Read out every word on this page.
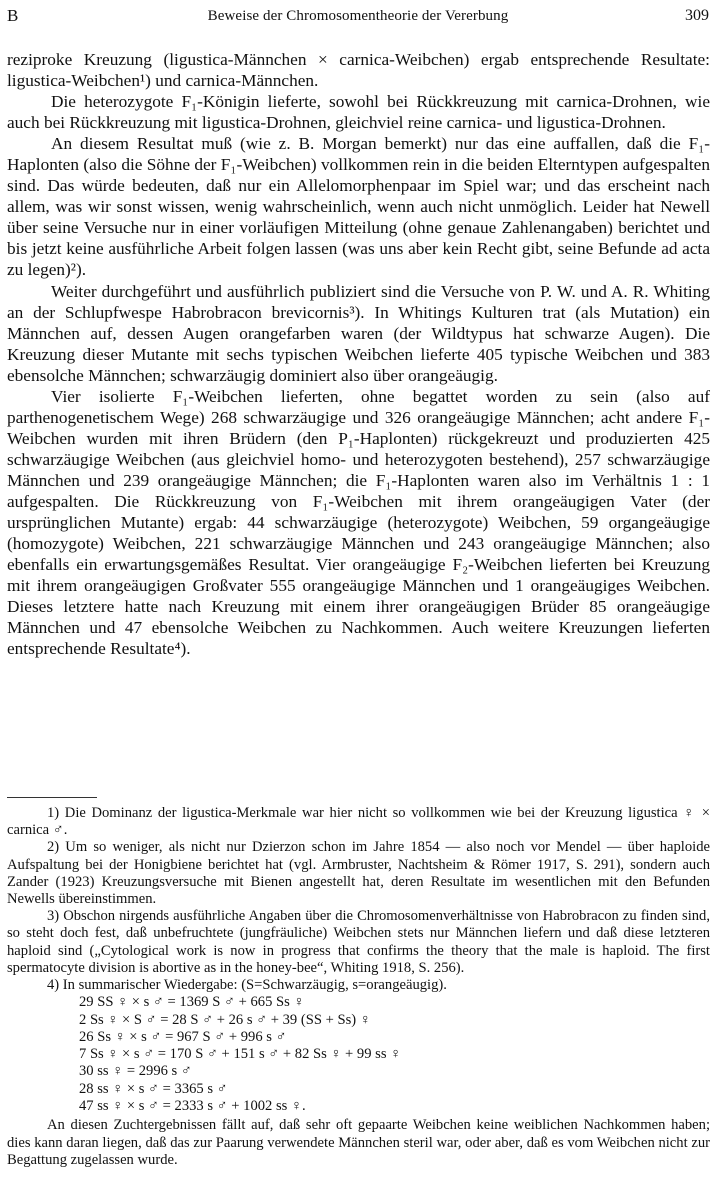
B	Beweise der Chromosomentheorie der Vererbung	309

reziproke Kreuzung (ligustica-Männchen × carnica-Weibchen) ergab entsprechende Resultate: ligustica-Weibchen¹) und carnica-Männchen.

Die heterozygote F₁-Königin lieferte, sowohl bei Rückkreuzung mit carnica-Drohnen, wie auch bei Rückkreuzung mit ligustica-Drohnen, gleichviel reine carnica- und ligustica-Drohnen.

An diesem Resultat muß (wie z. B. Morgan bemerkt) nur das eine auffallen, daß die F₁-Haplonten (also die Söhne der F₁-Weibchen) vollkommen rein in die beiden Elterntypen aufgespalten sind. Das würde bedeuten, daß nur ein Allelomorphenpaar im Spiel war; und das erscheint nach allem, was wir sonst wissen, wenig wahrscheinlich, wenn auch nicht unmöglich. Leider hat Newell über seine Versuche nur in einer vorläufigen Mitteilung (ohne genaue Zahlenangaben) berichtet und bis jetzt keine ausführliche Arbeit folgen lassen (was uns aber kein Recht gibt, seine Befunde ad acta zu legen)²).

Weiter durchgeführt und ausführlich publiziert sind die Versuche von P. W. und A. R. Whiting an der Schlupfwespe Habrobracon brevicornis³). In Whitings Kulturen trat (als Mutation) ein Männchen auf, dessen Augen orangefarben waren (der Wildtypus hat schwarze Augen). Die Kreuzung dieser Mutante mit sechs typischen Weibchen lieferte 405 typische Weibchen und 383 ebensolche Männchen; schwarzäugig dominiert also über orangeäugig.

Vier isolierte F₁-Weibchen lieferten, ohne begattet worden zu sein (also auf parthenogenetischem Wege) 268 schwarzäugige und 326 orangeäugige Männchen; acht andere F₁-Weibchen wurden mit ihren Brüdern (den P₁-Haplonten) rückgekreuzt und produzierten 425 schwarzäugige Weibchen (aus gleichviel homo- und heterozygoten bestehend), 257 schwarzäugige Männchen und 239 orangeäugige Männchen; die F₁-Haplonten waren also im Verhältnis 1 : 1 aufgespalten. Die Rückkreuzung von F₁-Weibchen mit ihrem orangeäugigen Vater (der ursprünglichen Mutante) ergab: 44 schwarzäugige (heterozygote) Weibchen, 59 organgeäugige (homozygote) Weibchen, 221 schwarzäugige Männchen und 243 orangeäugige Männchen; also ebenfalls ein erwartungsgemäßes Resultat. Vier orangeäugige F₂-Weibchen lieferten bei Kreuzung mit ihrem orangeäugigen Großvater 555 orangeäugige Männchen und 1 orangeäugiges Weibchen. Dieses letztere hatte nach Kreuzung mit einem ihrer orangeäugigen Brüder 85 orangeäugige Männchen und 47 ebensolche Weibchen zu Nachkommen. Auch weitere Kreuzungen lieferten entsprechende Resultate⁴).

1) Die Dominanz der ligustica-Merkmale war hier nicht so vollkommen wie bei der Kreuzung ligustica ♀ × carnica ♂.

2) Um so weniger, als nicht nur Dzierzon schon im Jahre 1854 — also noch vor Mendel — über haploide Aufspaltung bei der Honigbiene berichtet hat (vgl. Armbruster, Nachtsheim & Römer 1917, S. 291), sondern auch Zander (1923) Kreuzungsversuche mit Bienen angestellt hat, deren Resultate im wesentlichen mit den Befunden Newells übereinstimmen.

3) Obschon nirgends ausführliche Angaben über die Chromosomenverhältnisse von Habrobracon zu finden sind, so steht doch fest, daß unbefruchtete (jungfräuliche) Weibchen stets nur Männchen liefern und daß diese letzteren haploid sind („Cytological work is now in progress that confirms the theory that the male is haploid. The first spermatocyte division is abortive as in the honey-bee“, Whiting 1918, S. 256).

4) In summarischer Wiedergabe: (S=Schwarzäugig, s=orangeäugig).

29 SS ♀ × s ♂ = 1369 S ♂ + 665 Ss ♀
2 Ss ♀ × S ♂ = 28 S ♂ + 26 s ♂ + 39 (SS + Ss) ♀
26 Ss ♀ × s ♂ = 967 S ♂ + 996 s ♂
7 Ss ♀ × s ♂ = 170 S ♂ + 151 s ♂ + 82 Ss ♀ + 99 ss ♀
30 ss ♀ = 2996 s ♂
28 ss ♀ × s ♂ = 3365 s ♂
47 ss ♀ × s ♂ = 2333 s ♂ + 1002 ss ♀.

An diesen Zuchtergebnissen fällt auf, daß sehr oft gepaarte Weibchen keine weiblichen Nachkommen haben; dies kann daran liegen, daß das zur Paarung verwendete Männchen steril war, oder aber, daß es vom Weibchen nicht zur Begattung zugelassen wurde.
